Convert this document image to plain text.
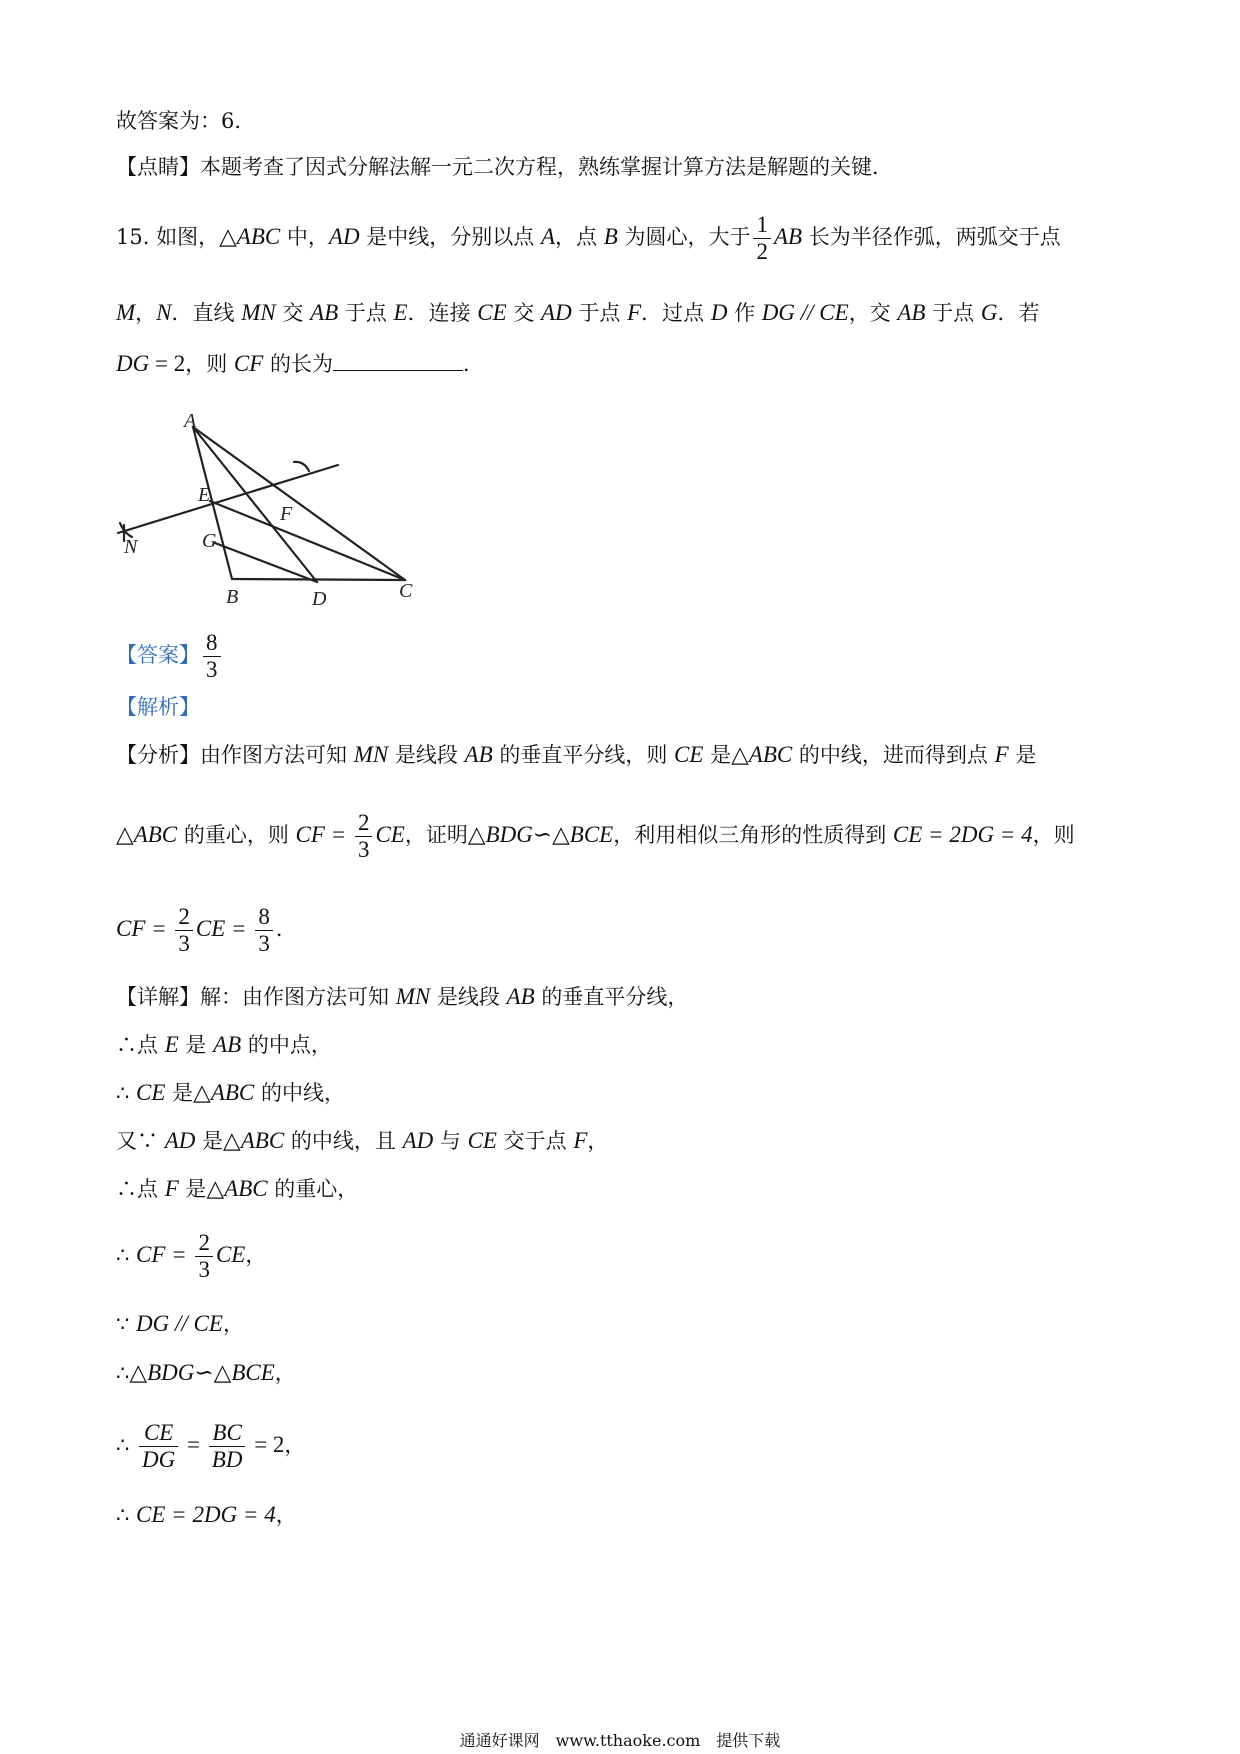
故答案为：6．
【点睛】本题考查了因式分解法解一元二次方程，熟练掌握计算方法是解题的关键．
15. 如图，△ABC 中，AD 是中线，分别以点 A，点 B 为圆心，大于 $\frac{1}{2}$ AB 长为半径作弧，两弧交于点
M，N．直线 MN 交 AB 于点 E．连接 CE 交 AD 于点 F．过点 D 作 DG // CE，交 AB 于点 G．若
DG = 2，则 CF 的长为	．
A
E
F
G
B	D	C
N
【答案】 $\frac{8}{3}$
【解析】
【分析】由作图方法可知 MN 是线段 AB 的垂直平分线，则 CE 是△ABC 的中线，进而得到点 F 是
△ABC 的重心，则 CF = $\frac{2}{3}$ CE，证明△BDG∽△BCE，利用相似三角形的性质得到 CE = 2DG = 4，则
CF = $\frac{2}{3}$ CE = $\frac{8}{3}$ ．
【详解】解：由作图方法可知 MN 是线段 AB 的垂直平分线，
∴点 E 是 AB 的中点，
∴ CE 是△ABC 的中线，
又∵ AD 是△ABC 的中线，且 AD 与 CE 交于点 F，
∴点 F 是△ABC 的重心，
∴ CF = $\frac{2}{3}$ CE，
∵ DG // CE，
∴△BDG∽△BCE，
∴ $\frac{CE}{DG} = \frac{BC}{BD} = 2$，
∴ CE = 2DG = 4，
通通好课网　www.tthaoke.com　提供下载
